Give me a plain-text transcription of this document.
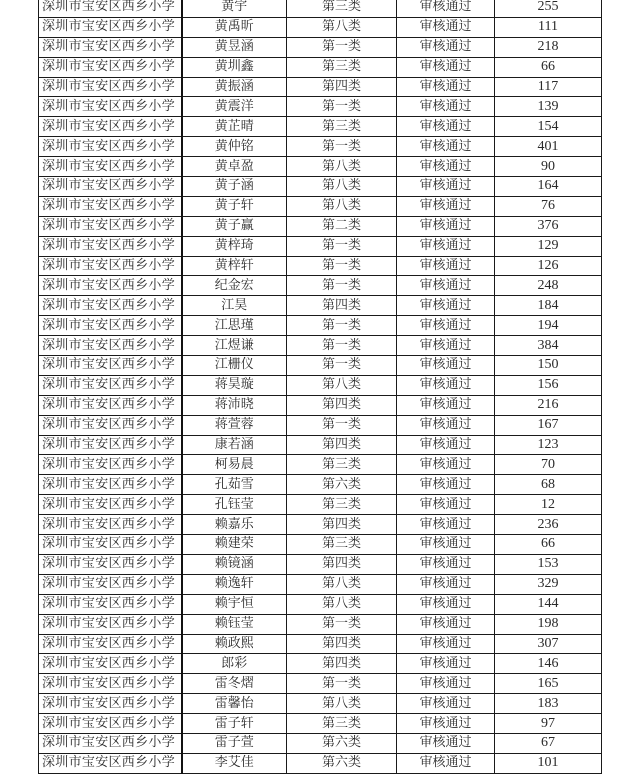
深圳市宝安区西乡小学	黄宇	第三类	审核通过	255
深圳市宝安区西乡小学	黄禹昕	第八类	审核通过	111
深圳市宝安区西乡小学	黄昱涵	第一类	审核通过	218
深圳市宝安区西乡小学	黄圳鑫	第三类	审核通过	66
深圳市宝安区西乡小学	黄振涵	第四类	审核通过	117
深圳市宝安区西乡小学	黄震洋	第一类	审核通过	139
深圳市宝安区西乡小学	黄芷晴	第三类	审核通过	154
深圳市宝安区西乡小学	黄仲铭	第一类	审核通过	401
深圳市宝安区西乡小学	黄卓盈	第八类	审核通过	90
深圳市宝安区西乡小学	黄子涵	第八类	审核通过	164
深圳市宝安区西乡小学	黄子轩	第八类	审核通过	76
深圳市宝安区西乡小学	黄子赢	第二类	审核通过	376
深圳市宝安区西乡小学	黄梓琦	第一类	审核通过	129
深圳市宝安区西乡小学	黄梓轩	第一类	审核通过	126
深圳市宝安区西乡小学	纪金宏	第一类	审核通过	248
深圳市宝安区西乡小学	江昊	第四类	审核通过	184
深圳市宝安区西乡小学	江思瑾	第一类	审核通过	194
深圳市宝安区西乡小学	江煜谦	第一类	审核通过	384
深圳市宝安区西乡小学	江栅仪	第一类	审核通过	150
深圳市宝安区西乡小学	蒋昊璇	第八类	审核通过	156
深圳市宝安区西乡小学	蒋沛晓	第四类	审核通过	216
深圳市宝安区西乡小学	蒋萱蓉	第一类	审核通过	167
深圳市宝安区西乡小学	康若涵	第四类	审核通过	123
深圳市宝安区西乡小学	柯易晨	第三类	审核通过	70
深圳市宝安区西乡小学	孔茹雪	第六类	审核通过	68
深圳市宝安区西乡小学	孔钰莹	第三类	审核通过	12
深圳市宝安区西乡小学	赖嘉乐	第四类	审核通过	236
深圳市宝安区西乡小学	赖建荣	第三类	审核通过	66
深圳市宝安区西乡小学	赖镜涵	第四类	审核通过	153
深圳市宝安区西乡小学	赖逸轩	第八类	审核通过	329
深圳市宝安区西乡小学	赖宇恒	第八类	审核通过	144
深圳市宝安区西乡小学	赖钰莹	第一类	审核通过	198
深圳市宝安区西乡小学	赖政熙	第四类	审核通过	307
深圳市宝安区西乡小学	郎彩	第四类	审核通过	146
深圳市宝安区西乡小学	雷冬熠	第一类	审核通过	165
深圳市宝安区西乡小学	雷馨怡	第八类	审核通过	183
深圳市宝安区西乡小学	雷子轩	第三类	审核通过	97
深圳市宝安区西乡小学	雷子萱	第六类	审核通过	67
深圳市宝安区西乡小学	李艾佳	第六类	审核通过	101
